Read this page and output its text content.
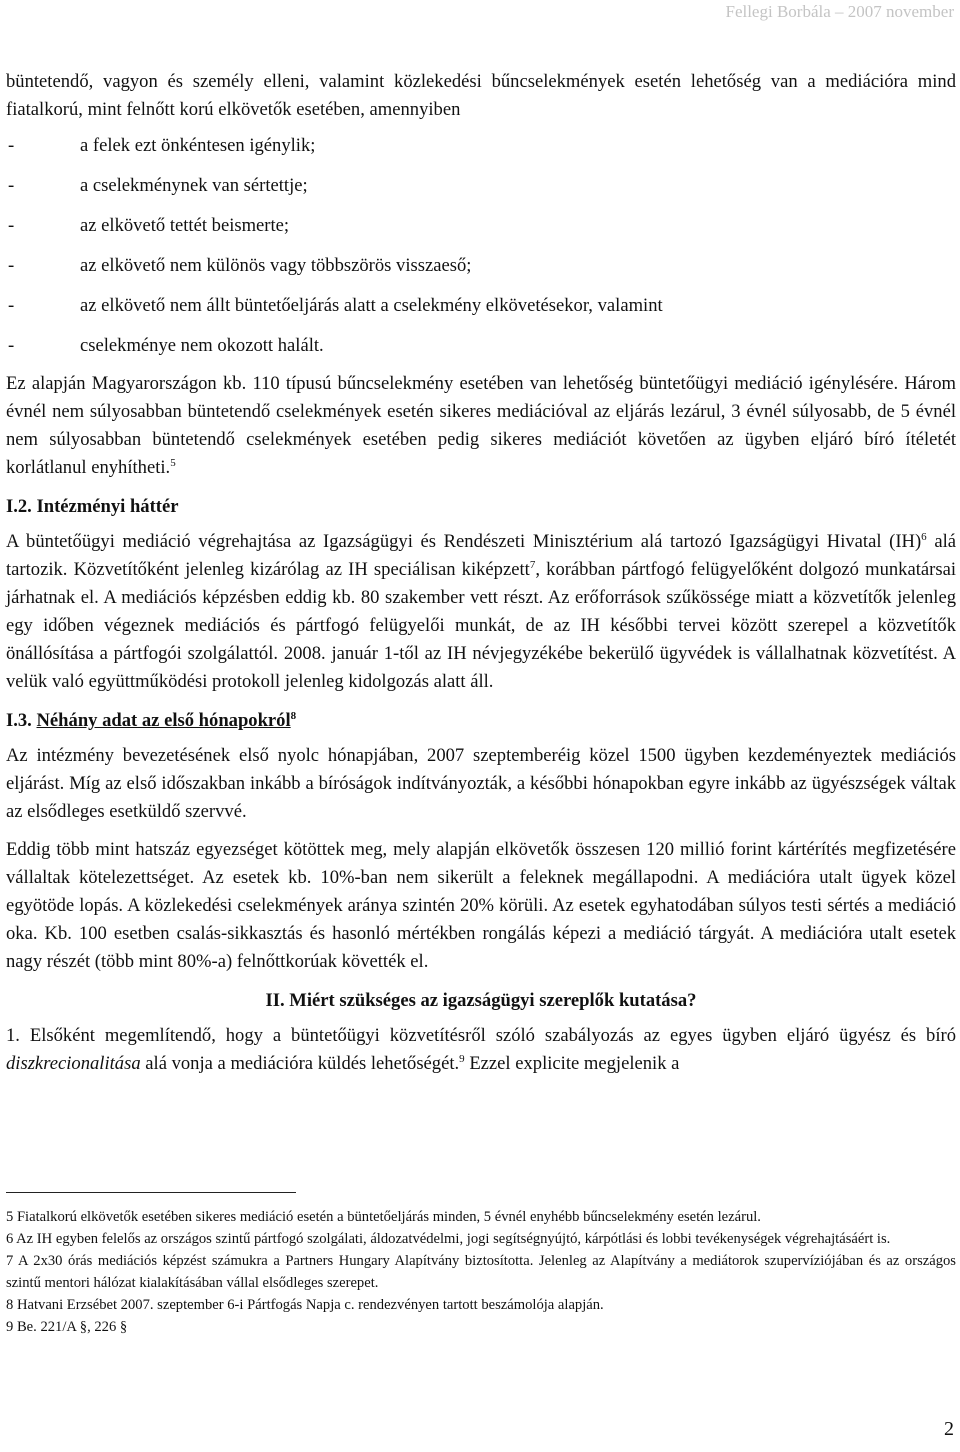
Fellegi Borbála – 2007 november

büntetendő, vagyon és személy elleni, valamint közlekedési bűncselekmények esetén lehetőség van a mediációra mind fiatalkorú, mint felnőtt korú elkövetők esetében, amennyiben

-	a felek ezt önkéntesen igénylik;
-	a cselekménynek van sértettje;
-	az elkövető tettét beismerte;
-	az elkövető nem különös vagy többszörös visszaeső;
-	az elkövető nem állt büntetőeljárás alatt a cselekmény elkövetésekor, valamint
-	cselekménye nem okozott halált.

Ez alapján Magyarországon kb. 110 típusú bűncselekmény esetében van lehetőség büntetőügyi mediáció igénylésére. Három évnél nem súlyosabban büntetendő cselekmények esetén sikeres mediációval az eljárás lezárul, 3 évnél súlyosabb, de 5 évnél nem súlyosabban büntetendő cselekmények esetében pedig sikeres mediációt követően az ügyben eljáró bíró ítéletét korlátlanul enyhítheti.$^5$

I.2. Intézményi háttér

A büntetőügyi mediáció végrehajtása az Igazságügyi és Rendészeti Minisztérium alá tartozó Igazságügyi Hivatal (IH)$^6$ alá tartozik. Közvetítőként jelenleg kizárólag az IH speciálisan kiképzett$^7$, korábban pártfogó felügyelőként dolgozó munkatársai járhatnak el. A mediációs képzésben eddig kb. 80 szakember vett részt. Az erőforrások szűkössége miatt a közvetítők jelenleg egy időben végeznek mediációs és pártfogó felügyelői munkát, de az IH későbbi tervei között szerepel a közvetítők önállósítása a pártfogói szolgálattól. 2008. január 1-től az IH névjegyzékébe bekerülő ügyvédek is vállalhatnak közvetítést. A velük való együttműködési protokoll jelenleg kidolgozás alatt áll.

I.3. Néhány adat az első hónapokról$^8$

Az intézmény bevezetésének első nyolc hónapjában, 2007 szeptemberéig közel 1500 ügyben kezdeményeztek mediációs eljárást. Míg az első időszakban inkább a bíróságok indítványozták, a későbbi hónapokban egyre inkább az ügyészségek váltak az elsődleges esetküldő szervvé.

Eddig több mint hatszáz egyezséget kötöttek meg, mely alapján elkövetők összesen 120 millió forint kártérítés megfizetésére vállaltak kötelezettséget. Az esetek kb. 10%-ban nem sikerült a feleknek megállapodni. A mediációra utalt ügyek közel egyötöde lopás. A közlekedési cselekmények aránya szintén 20% körüli. Az esetek egyhatodában súlyos testi sértés a mediáció oka. Kb. 100 esetben csalás-sikkasztás és hasonló mértékben rongálás képezi a mediáció tárgyát. A mediációra utalt esetek nagy részét (több mint 80%-a) felnőttkorúak követték el.

II. Miért szükséges az igazságügyi szereplők kutatása?

1. Elsőként megemlítendő, hogy a büntetőügyi közvetítésről szóló szabályozás az egyes ügyben eljáró ügyész és bíró diszkrecionalitása alá vonja a mediációra küldés lehetőségét.$^9$ Ezzel explicite megjelenik a

5 Fiatalkorú elkövetők esetében sikeres mediáció esetén a büntetőeljárás minden, 5 évnél enyhébb bűncselekmény esetén lezárul.

6 Az IH egyben felelős az országos szintű pártfogó szolgálati, áldozatvédelmi, jogi segítségnyújtó, kárpótlási és lobbi tevékenységek végrehajtásáért is.

7 A 2x30 órás mediációs képzést számukra a Partners Hungary Alapítvány biztosította. Jelenleg az Alapítvány a mediátorok szupervíziójában és az országos szintű mentori hálózat kialakításában vállal elsődleges szerepet.

8 Hatvani Erzsébet 2007. szeptember 6-i Pártfogás Napja c. rendezvényen tartott beszámolója alapján.

9 Be. 221/A §, 226 §

2
